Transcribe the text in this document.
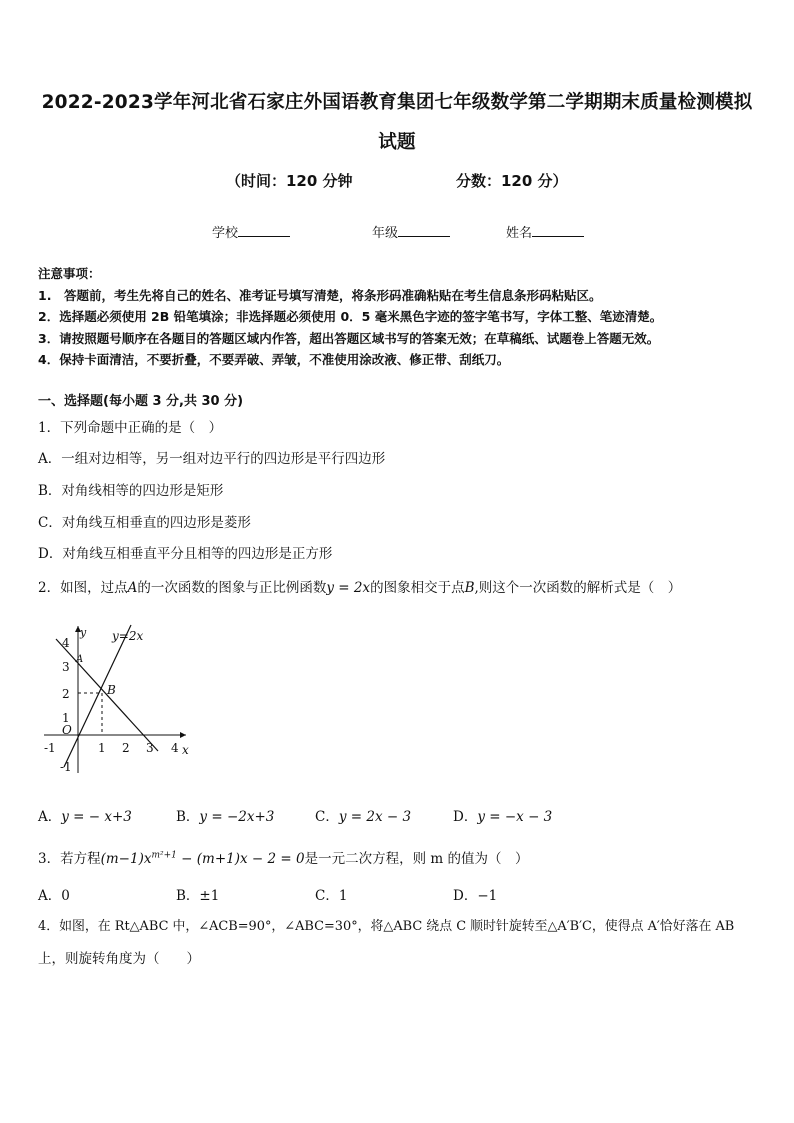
2022-2023学年河北省石家庄外国语教育集团七年级数学第二学期期末质量检测模拟
试题
（时间：120 分钟	分数：120 分）
学校	年级	姓名
注意事项：
1.　答题前，考生先将自己的姓名、准考证号填写清楚，将条形码准确粘贴在考生信息条形码粘贴区。
2．选择题必须使用 2B 铅笔填涂；非选择题必须使用 0．5 毫米黑色字迹的签字笔书写，字体工整、笔迹清楚。
3．请按照题号顺序在各题目的答题区域内作答，超出答题区域书写的答案无效；在草稿纸、试题卷上答题无效。
4．保持卡面清洁，不要折叠，不要弄破、弄皱，不准使用涂改液、修正带、刮纸刀。
一、选择题(每小题 3 分,共 30 分)
1．下列命题中正确的是（　）
A．一组对边相等，另一组对边平行的四边形是平行四边形
B．对角线相等的四边形是矩形
C．对角线互相垂直的四边形是菱形
D．对角线互相垂直平分且相等的四边形是正方形
2．如图，过点A的一次函数的图象与正比例函数y = 2x的图象相交于点B,则这个一次函数的解析式是（　）
y=2x
x
y
O
A
B
-1	1 2 3 4
4
3
2
1
-1
A．y = − x+3	B．y = −2x+3	C．y = 2x − 3	D．y = −x − 3
3．若方程$(m-1)x^{m^2+1} - (m+1)x - 2 = 0$是一元二次方程，则 m 的值为（　）
A．0	B．±1	C．1	D．−1
4．如图，在 Rt△ABC 中，∠ACB=90°，∠ABC=30°，将△ABC 绕点 C 顺时针旋转至△A′B′C，使得点 A′恰好落在 AB
上，则旋转角度为（　　）
